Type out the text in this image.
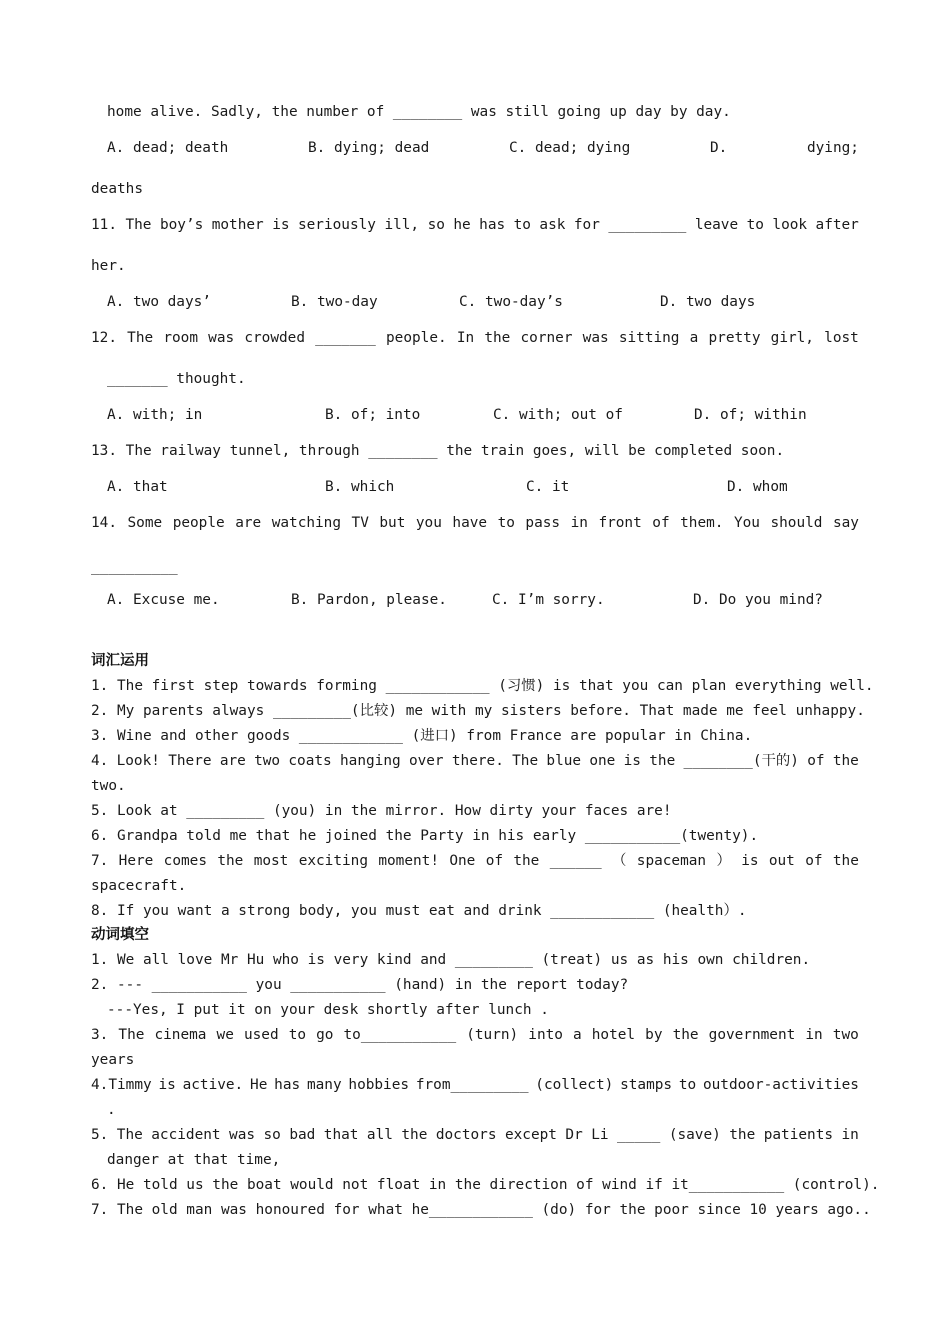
home alive. Sadly, the number of ________ was still going up day by day.
A. dead; death	B. dying; dead	C. dead; dying	D.	dying;
deaths
11. The boy’s mother is seriously ill, so he has to ask for _________ leave to look after
her.
A. two days’	B. two-day	C. two-day’s	D. two days
12. The room was crowded _______ people. In the corner was sitting a pretty girl, lost
_______ thought.
A. with; in	B. of; into	C. with; out of	D. of; within
13. The railway tunnel, through ________ the train goes, will be completed soon.
A. that	B. which	C. it	D. whom
14. Some people are watching TV but you have to pass in front of them. You should say
__________
A. Excuse me.	B. Pardon, please.	C. I’m sorry.	D. Do you mind?
词汇运用
1. The first step towards forming ____________ (习惯) is that you can plan everything well.
2. My parents always _________(比较) me with my sisters before. That made me feel unhappy.
3. Wine and other goods ____________ (进口) from France are popular in China.
4. Look! There are two coats hanging over there. The blue one is the ________(干的) of the
two.
5. Look at _________ (you) in the mirror. How dirty your faces are!
6. Grandpa told me that he joined the Party in his early ___________(twenty).
7. Here comes the most exciting moment! One of the ______ （ spaceman ） is out of the
spacecraft.
8. If you want a strong body, you must eat and drink ____________ (health）.
动词填空
1. We all love Mr Hu who is very kind and _________ (treat) us as his own children.
2. --- ___________ you ___________ (hand) in the report today?
---Yes, I put it on your desk shortly after lunch .
3. The cinema we used to go to___________ (turn) into a hotel by the government in two
years
4.Timmy is active. He has many hobbies from_________ (collect) stamps to outdoor-activities
.
5. The accident was so bad that all the doctors except Dr Li _____ (save) the patients in
danger at that time,
6. He told us the boat would not float in the direction of wind if it___________ (control).
7. The old man was honoured for what he____________ (do) for the poor since 10 years ago..
